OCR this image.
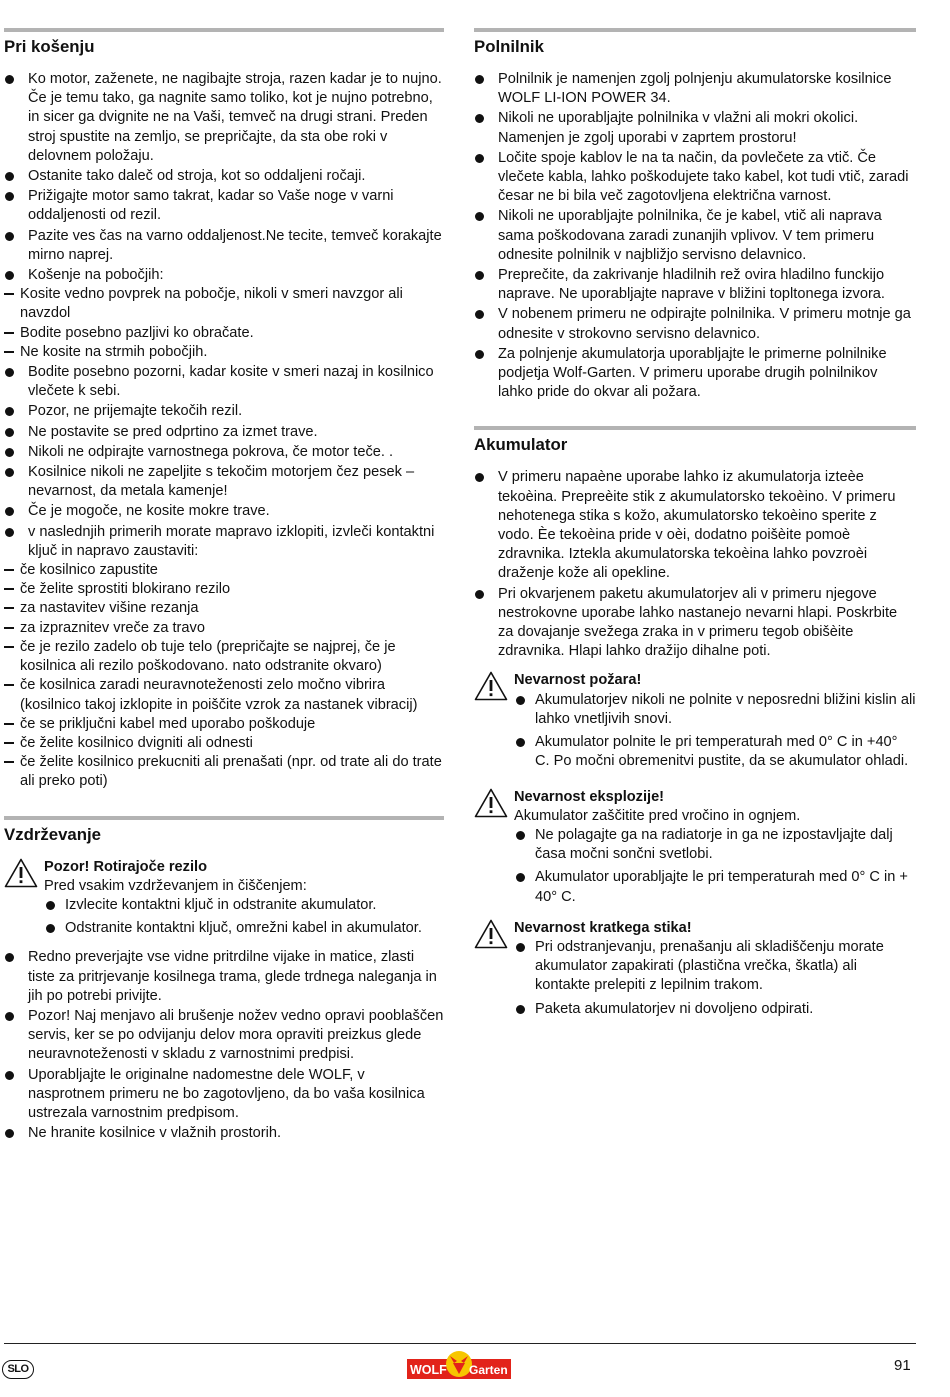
Pri košenju
Ko motor, zaženete, ne nagibajte stroja, razen kadar je to nujno. Če je temu tako, ga nagnite samo toliko, kot je nujno potrebno, in sicer ga dvignite ne na Vaši, temveč na drugi strani. Preden stroj spustite na zemljo, se prepričajte, da sta obe roki v delovnem položaju.
Ostanite tako daleč od stroja, kot so oddaljeni ročaji.
Prižigajte motor samo takrat, kadar so Vaše noge v varni oddaljenosti od rezil.
Pazite ves čas na varno oddaljenost.Ne tecite, temveč korakajte mirno naprej.
Košenje na pobočjih:
Kosite vedno povprek na pobočje, nikoli v smeri navzgor ali navzdol
Bodite posebno pazljivi ko obračate.
Ne kosite na strmih pobočjih.
Bodite posebno pozorni, kadar kosite v smeri nazaj in kosilnico vlečete k sebi.
Pozor, ne prijemajte tekočih rezil.
Ne postavite se pred odprtino za izmet trave.
Nikoli ne odpirajte varnostnega pokrova, če motor teče. .
Kosilnice nikoli ne zapeljite s tekočim motorjem čez pesek – nevarnost, da metala kamenje!
Če je mogoče, ne kosite mokre trave.
v naslednjih primerih morate mapravo izklopiti, izvleči kontaktni ključ in napravo zaustaviti:
če kosilnico zapustite
če želite sprostiti blokirano rezilo
za nastavitev višine rezanja
za izpraznitev vreče za travo
če je rezilo zadelo ob tuje telo (prepričajte se najprej, če je kosilnica ali rezilo poškodovano. nato odstranite okvaro)
če kosilnica zaradi neuravnoteženosti zelo močno vibrira (kosilnico takoj izklopite in poiščite vzrok za nastanek vibracij)
če se priključni kabel med uporabo poškoduje
če želite kosilnico dvigniti ali odnesti
če želite kosilnico prekucniti ali prenašati (npr. od trate ali do trate ali preko poti)
Vzdrževanje
Pozor! Rotirajoče rezilo
Pred vsakim vzdrževanjem in čiščenjem:
Izvlecite kontaktni ključ in odstranite akumulator.
Odstranite kontaktni ključ, omrežni kabel in akumulator.
Redno preverjajte vse vidne pritrdilne vijake in matice, zlasti tiste za pritrjevanje kosilnega trama, glede trdnega naleganja in jih po potrebi privijte.
Pozor! Naj menjavo ali brušenje nožev vedno opravi pooblaščen servis, ker se po odvijanju delov mora opraviti preizkus glede neuravnoteženosti v skladu z varnostnimi predpisi.
Uporabljajte le originalne nadomestne dele WOLF, v nasprotnem primeru ne bo zagotovljeno, da bo vaša kosilnica ustrezala varnostnim predpisom.
Ne hranite kosilnice v vlažnih prostorih.
Polnilnik
Polnilnik je namenjen zgolj polnjenju akumulatorske kosilnice WOLF LI-ION POWER 34.
Nikoli ne uporabljajte polnilnika v vlažni ali mokri okolici. Namenjen je zgolj uporabi v zaprtem prostoru!
Ločite spoje kablov le na ta način, da povlečete za vtič. Če vlečete kabla, lahko poškodujete tako kabel, kot tudi vtič, zaradi česar ne bi bila več zagotovljena električna varnost.
Nikoli ne uporabljajte polnilnika, če je kabel, vtič ali naprava sama poškodovana zaradi zunanjih vplivov. V tem primeru odnesite polnilnik v najbližjo servisno delavnico.
Preprečite, da zakrivanje hladilnih rež ovira hladilno funckijo naprave. Ne uporabljajte naprave v bližini topltonega izvora.
V nobenem primeru ne odpirajte polnilnika. V primeru motnje ga odnesite v strokovno servisno delavnico.
Za polnjenje akumulatorja uporabljajte le primerne polnilnike podjetja Wolf-Garten. V primeru uporabe drugih polnilnikov lahko pride do okvar ali požara.
Akumulator
V primeru napaène uporabe lahko iz akumulatorja izteèe tekoèina. Prepreèite stik z akumulatorsko tekoèino. V primeru nehotenega stika s kožo, akumulatorsko tekoèino sperite z vodo. Èe tekoèina pride v oèi, dodatno poišèite pomoè zdravnika. Iztekla akumulatorska tekoèina lahko povzroèi draženje kože ali opekline.
Pri okvarjenem paketu akumulatorjev ali v primeru njegove nestrokovne uporabe lahko nastanejo nevarni hlapi. Poskrbite za dovajanje svežega zraka in v primeru tegob obišèite zdravnika. Hlapi lahko dražijo dihalne poti.
Nevarnost požara!
Akumulatorjev nikoli ne polnite v neposredni bližini kislin ali lahko vnetljivih snovi.
Akumulator polnite le pri temperaturah med 0° C in +40° C. Po močni obremenitvi pustite, da se akumulator ohladi.
Nevarnost eksplozije!
Akumulator zaščitite pred vročino in ognjem.
Ne polagajte ga na radiatorje in ga ne izpostavljajte dalj časa močni sončni svetlobi.
Akumulator uporabljajte le pri temperaturah med 0° C in + 40° C.
Nevarnost kratkega stika!
Pri odstranjevanju, prenašanju ali skladiščenju morate akumulator zapakirati (plastična vrečka, škatla) ali kontakte prelepiti z lepilnim trakom.
Paketa akumulatorjev ni dovoljeno odpirati.
SLO	WOLF Garten	91
